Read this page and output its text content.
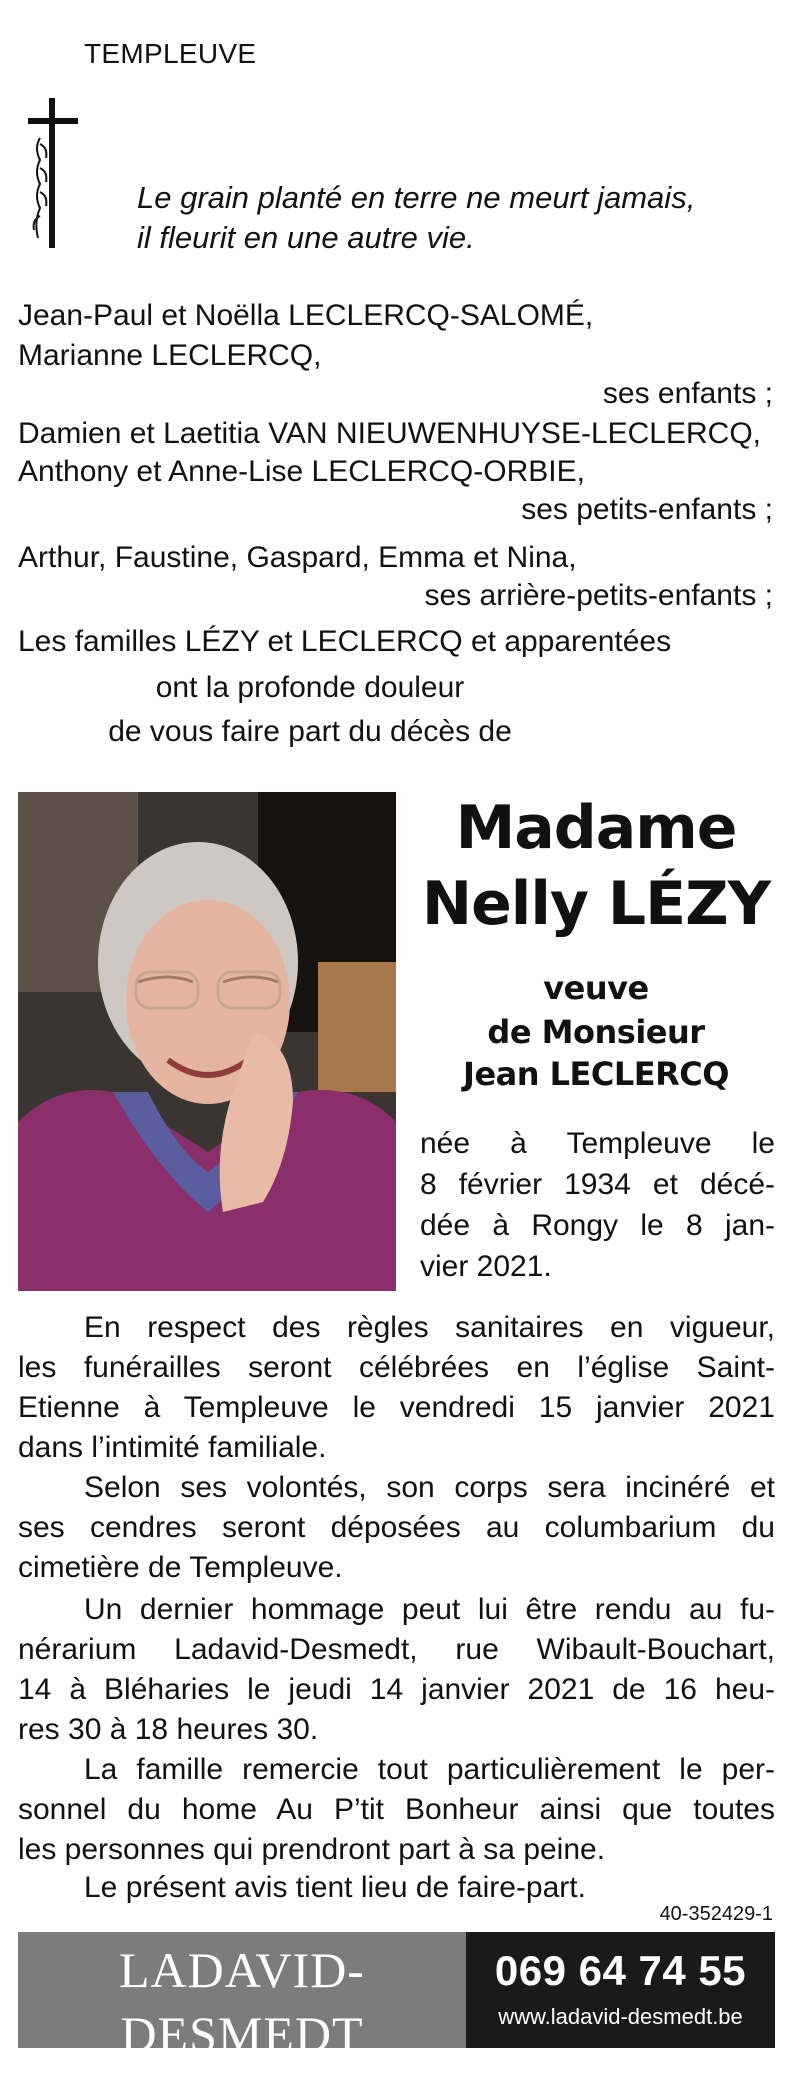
TEMPLEUVE
Le grain planté en terre ne meurt jamais,
il fleurit en une autre vie.
Jean-Paul et Noëlla LECLERCQ-SALOMÉ,
Marianne LECLERCQ,
ses enfants ;
Damien et Laetitia VAN NIEUWENHUYSE-LECLERCQ,
Anthony et Anne-Lise LECLERCQ-ORBIE,
ses petits-enfants ;
Arthur, Faustine, Gaspard, Emma et Nina,
ses arrière-petits-enfants ;
Les familles LÉZY et LECLERCQ et apparentées
ont la profonde douleur
de vous faire part du décès de
Madame
Nelly LÉZY
veuve
de Monsieur
Jean LECLERCQ
née à Templeuve le
8 février 1934 et décé-
dée à Rongy le 8 jan-
vier 2021.
En respect des règles sanitaires en vigueur,
les funérailles seront célébrées en l’église Saint-
Etienne à Templeuve le vendredi 15 janvier 2021
dans l’intimité familiale.
Selon ses volontés, son corps sera incinéré et
ses cendres seront déposées au columbarium du
cimetière de Templeuve.
Un dernier hommage peut lui être rendu au fu-
nérarium Ladavid-Desmedt, rue Wibault-Bouchart,
14 à Bléharies le jeudi 14 janvier 2021 de 16 heu-
res 30 à 18 heures 30.
La famille remercie tout particulièrement le per-
sonnel du home Au P’tit Bonheur ainsi que toutes
les personnes qui prendront part à sa peine.
Le présent avis tient lieu de faire-part.
40-352429-1
LADAVID-DESMEDT
Centres funéraires Rumes - Bléharies
069 64 74 55
www.ladavid-desmedt.be
